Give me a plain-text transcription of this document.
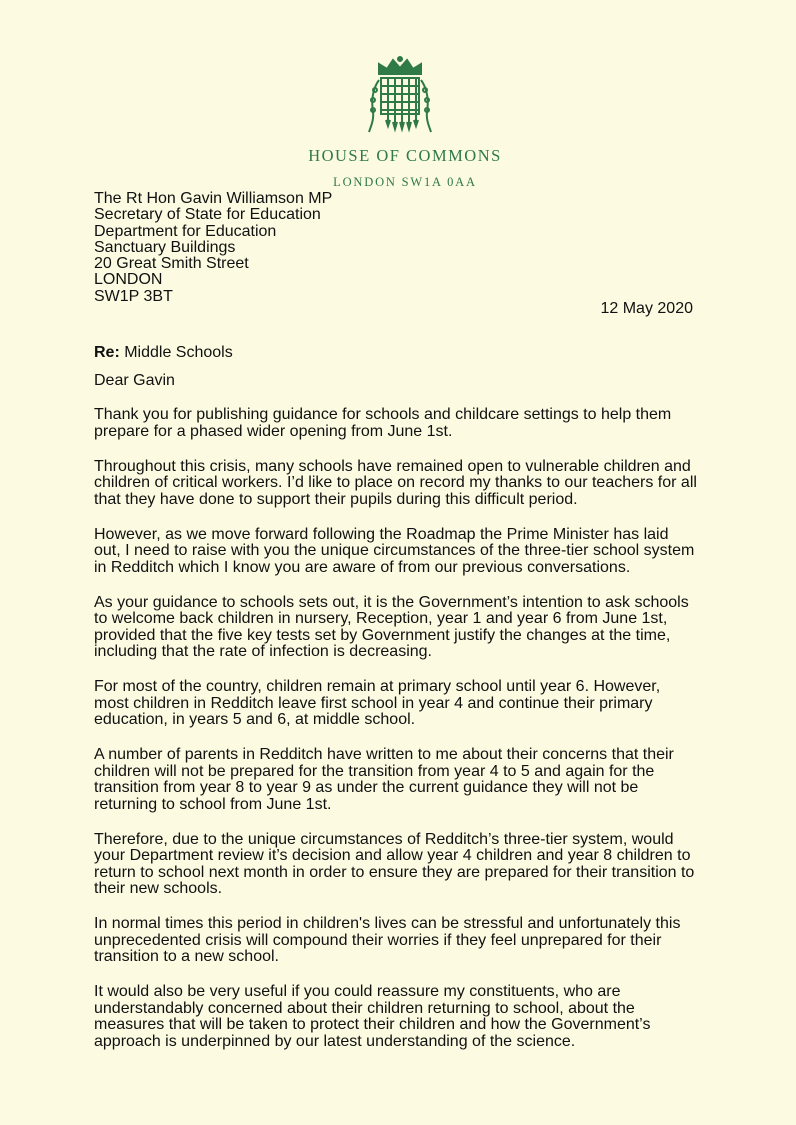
HOUSE OF COMMONS
LONDON SW1A 0AA
The Rt Hon Gavin Williamson MP
Secretary of State for Education
Department for Education
Sanctuary Buildings
20 Great Smith Street
LONDON
SW1P 3BT
12 May 2020
Re: Middle Schools
Dear Gavin
Thank you for publishing guidance for schools and childcare settings to help them
prepare for a phased wider opening from June 1st.
Throughout this crisis, many schools have remained open to vulnerable children and
children of critical workers. I’d like to place on record my thanks to our teachers for all
that they have done to support their pupils during this difficult period.
However, as we move forward following the Roadmap the Prime Minister has laid
out, I need to raise with you the unique circumstances of the three-tier school system
in Redditch which I know you are aware of from our previous conversations.
As your guidance to schools sets out, it is the Government’s intention to ask schools
to welcome back children in nursery, Reception, year 1 and year 6 from June 1st,
provided that the five key tests set by Government justify the changes at the time,
including that the rate of infection is decreasing.
For most of the country, children remain at primary school until year 6. However,
most children in Redditch leave first school in year 4 and continue their primary
education, in years 5 and 6, at middle school.
A number of parents in Redditch have written to me about their concerns that their
children will not be prepared for the transition from year 4 to 5 and again for the
transition from year 8 to year 9 as under the current guidance they will not be
returning to school from June 1st.
Therefore, due to the unique circumstances of Redditch’s three-tier system, would
your Department review it’s decision and allow year 4 children and year 8 children to
return to school next month in order to ensure they are prepared for their transition to
their new schools.
In normal times this period in children's lives can be stressful and unfortunately this
unprecedented crisis will compound their worries if they feel unprepared for their
transition to a new school.
It would also be very useful if you could reassure my constituents, who are
understandably concerned about their children returning to school, about the
measures that will be taken to protect their children and how the Government’s
approach is underpinned by our latest understanding of the science.
